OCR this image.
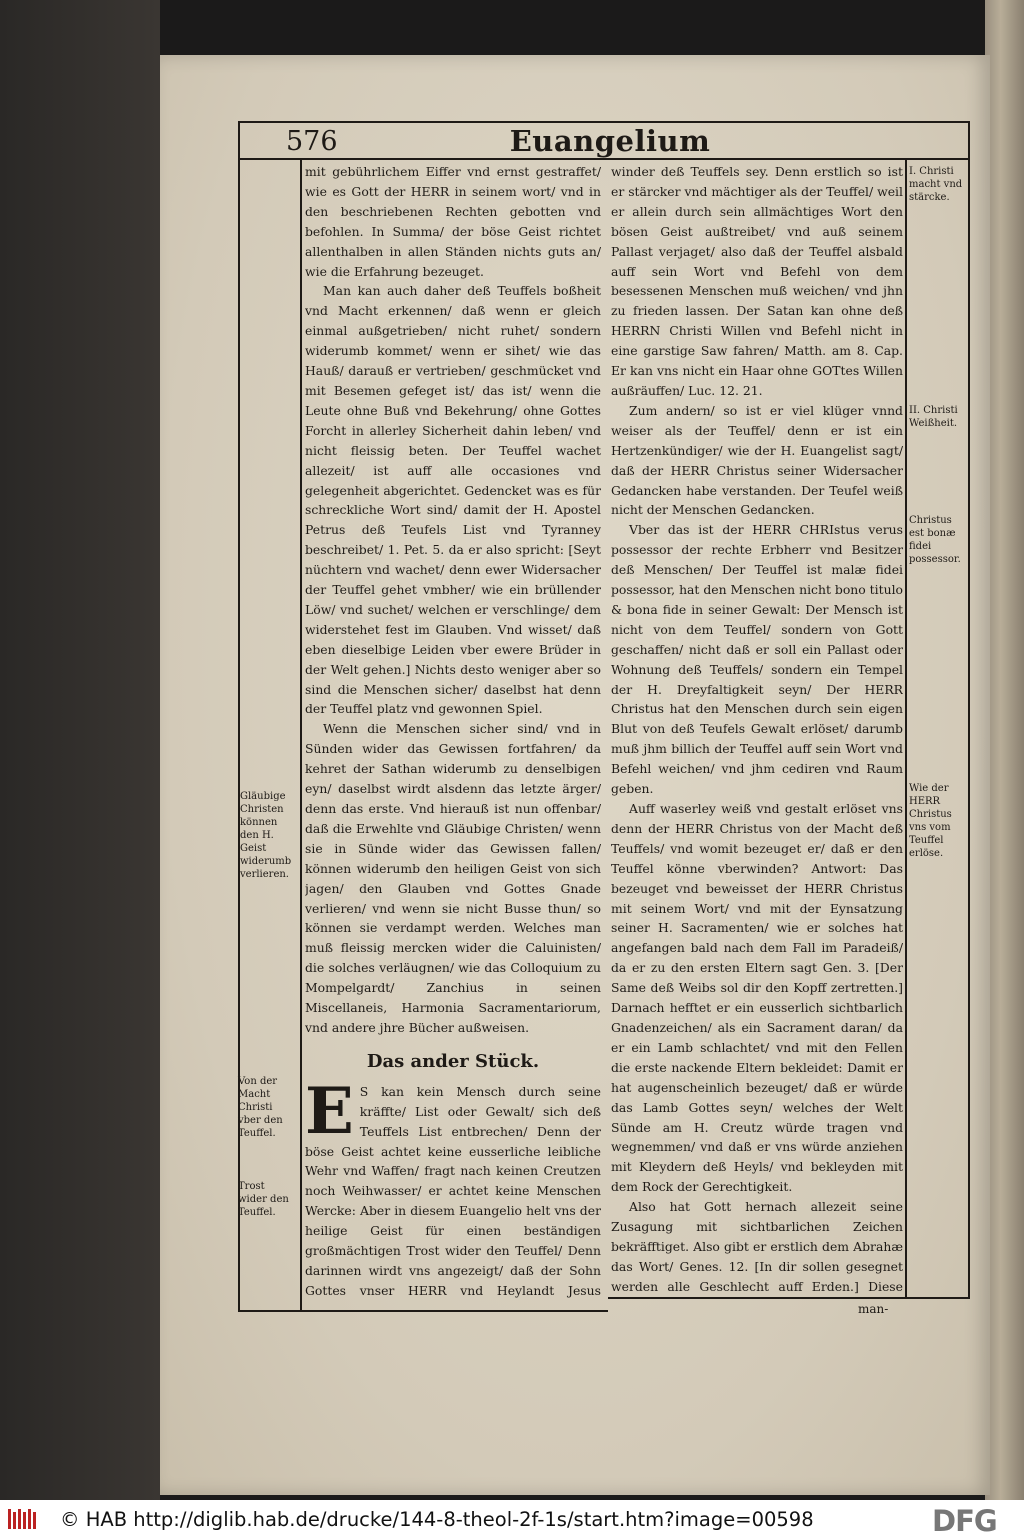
576	Euangelium

mit gebührlichem Eiffer vnd ernst gestraffet/ wie es Gott der HERR in seinem wort/ vnd in den beschriebenen Rechten gebotten vnd befohlen. In Summa/ der böse Geist richtet allenthalben in allen Ständen nichts guts an/ wie die Erfahrung bezeuget.

Man kan auch daher deß Teuffels boßheit vnd Macht erkennen/ daß wenn er gleich einmal außgetrieben/ nicht ruhet/ sondern widerumb kommet/ wenn er sihet/ wie das Hauß/ darauß er vertrieben/ geschmücket vnd mit Besemen gefeget ist/ das ist/ wenn die Leute ohne Buß vnd Bekehrung/ ohne Gottes Forcht in allerley Sicherheit dahin leben/ vnd nicht fleissig beten. Der Teuffel wachet allezeit/ ist auff alle occasiones vnd gelegenheit abgerichtet. Gedencket was es für schreckliche Wort sind/ damit der H. Apostel Petrus deß Teufels List vnd Tyranney beschreibet/ 1. Pet. 5. da er also spricht: [Seyt nüchtern vnd wachet/ denn ewer Widersacher der Teuffel gehet vmbher/ wie ein brüllender Löw/ vnd suchet/ welchen er verschlinge/ dem widerstehet fest im Glauben. Vnd wisset/ daß eben dieselbige Leiden vber ewere Brüder in der Welt gehen.] Nichts desto weniger aber so sind die Menschen sicher/ daselbst hat denn der Teuffel platz vnd gewonnen Spiel.

Wenn die Menschen sicher sind/ vnd in Sünden wider das Gewissen fortfahren/ da kehret der Sathan widerumb zu denselbigen eyn/ daselbst wirdt alsdenn das letzte ärger/ denn das erste. Vnd hierauß ist nun offenbar/ daß die Erwehlte vnd Gläubige Christen/ wenn sie in Sünde wider das Gewissen fallen/ können widerumb den heiligen Geist von sich jagen/ den Glauben vnd Gottes Gnade verlieren/ vnd wenn sie nicht Busse thun/ so können sie verdampt werden. Welches man muß fleissig mercken wider die Caluinisten/ die solches verläugnen/ wie das Colloquium zu Mompelgardt/ Zanchius in seinen Miscellaneis, Harmonia Sacramentariorum, vnd andere jhre Bücher außweisen.

Das ander Stück.

E S kan kein Mensch durch seine kräffte/ List oder Gewalt/ sich deß Teuffels List entbrechen/ Denn der böse Geist achtet keine eusserliche leibliche Wehr vnd Waffen/ fragt nach keinen Creutzen noch Weihwasser/ er achtet keine Menschen Wercke: Aber in diesem Euangelio helt vns der heilige Geist für einen beständigen großmächtigen Trost wider den Teuffel/ Denn darinnen wirdt vns angezeigt/ daß der Sohn Gottes vnser HERR vnd Heylandt Jesus

winder deß Teuffels sey. Denn erstlich so ist er stärcker vnd mächtiger als der Teuffel/ weil er allein durch sein allmächtiges Wort den bösen Geist außtreibet/ vnd auß seinem Pallast verjaget/ also daß der Teuffel alsbald auff sein Wort vnd Befehl von dem besessenen Menschen muß weichen/ vnd jhn zu frieden lassen. Der Satan kan ohne deß HERRN Christi Willen vnd Befehl nicht in eine garstige Saw fahren/ Matth. am 8. Cap. Er kan vns nicht ein Haar ohne GOTtes Willen außräuffen/ Luc. 12. 21.

Zum andern/ so ist er viel klüger vnnd weiser als der Teuffel/ denn er ist ein Hertzenkündiger/ wie der H. Euangelist sagt/ daß der HERR Christus seiner Widersacher Gedancken habe verstanden. Der Teufel weiß nicht der Menschen Gedancken.

Vber das ist der HERR CHRIstus verus possessor der rechte Erbherr vnd Besitzer deß Menschen/ Der Teuffel ist malæ fidei possessor, hat den Menschen nicht bono titulo & bona fide in seiner Gewalt: Der Mensch ist nicht von dem Teuffel/ sondern von Gott geschaffen/ nicht daß er soll ein Pallast oder Wohnung deß Teuffels/ sondern ein Tempel der H. Dreyfaltigkeit seyn/ Der HERR Christus hat den Menschen durch sein eigen Blut von deß Teufels Gewalt erlöset/ darumb muß jhm billich der Teuffel auff sein Wort vnd Befehl weichen/ vnd jhm cediren vnd Raum geben.

Auff waserley weiß vnd gestalt erlöset vns denn der HERR Christus von der Macht deß Teuffels/ vnd womit bezeuget er/ daß er den Teuffel könne vberwinden? Antwort: Das bezeuget vnd beweisset der HERR Christus mit seinem Wort/ vnd mit der Eynsatzung seiner H. Sacramenten/ wie er solches hat angefangen bald nach dem Fall im Paradeiß/ da er zu den ersten Eltern sagt Gen. 3. [Der Same deß Weibs sol dir den Kopff zertretten.] Darnach hefftet er ein eusserlich sichtbarlich Gnadenzeichen/ als ein Sacrament daran/ da er ein Lamb schlachtet/ vnd mit den Fellen die erste nackende Eltern bekleidet: Damit er hat augenscheinlich bezeuget/ daß er würde das Lamb Gottes seyn/ welches der Welt Sünde am H. Creutz würde tragen vnd wegnemmen/ vnd daß er vns würde anziehen mit Kleydern deß Heyls/ vnd bekleyden mit dem Rock der Gerechtigkeit.

Also hat Gott hernach allezeit seine Zusagung mit sichtbarlichen Zeichen bekräfftiget. Also gibt er erstlich dem Abrahæ das Wort/ Genes. 12. [In dir sollen gesegnet werden alle Geschlecht auff Erden.] Diese

man-
I. Christi macht vnd stärcke.
II. Christi Weißheit.
Christus est bonæ fidei possessor.
Wie der HERR Christus vns vom Teuffel erlöse.
Gläubige Christen können den H. Geist widerumb verlieren.
Von der Macht Christi vber den Teuffel.
Trost wider den Teuffel.
© HAB http://diglib.hab.de/drucke/144-8-theol-2f-1s/start.htm?image=00598	DFG
